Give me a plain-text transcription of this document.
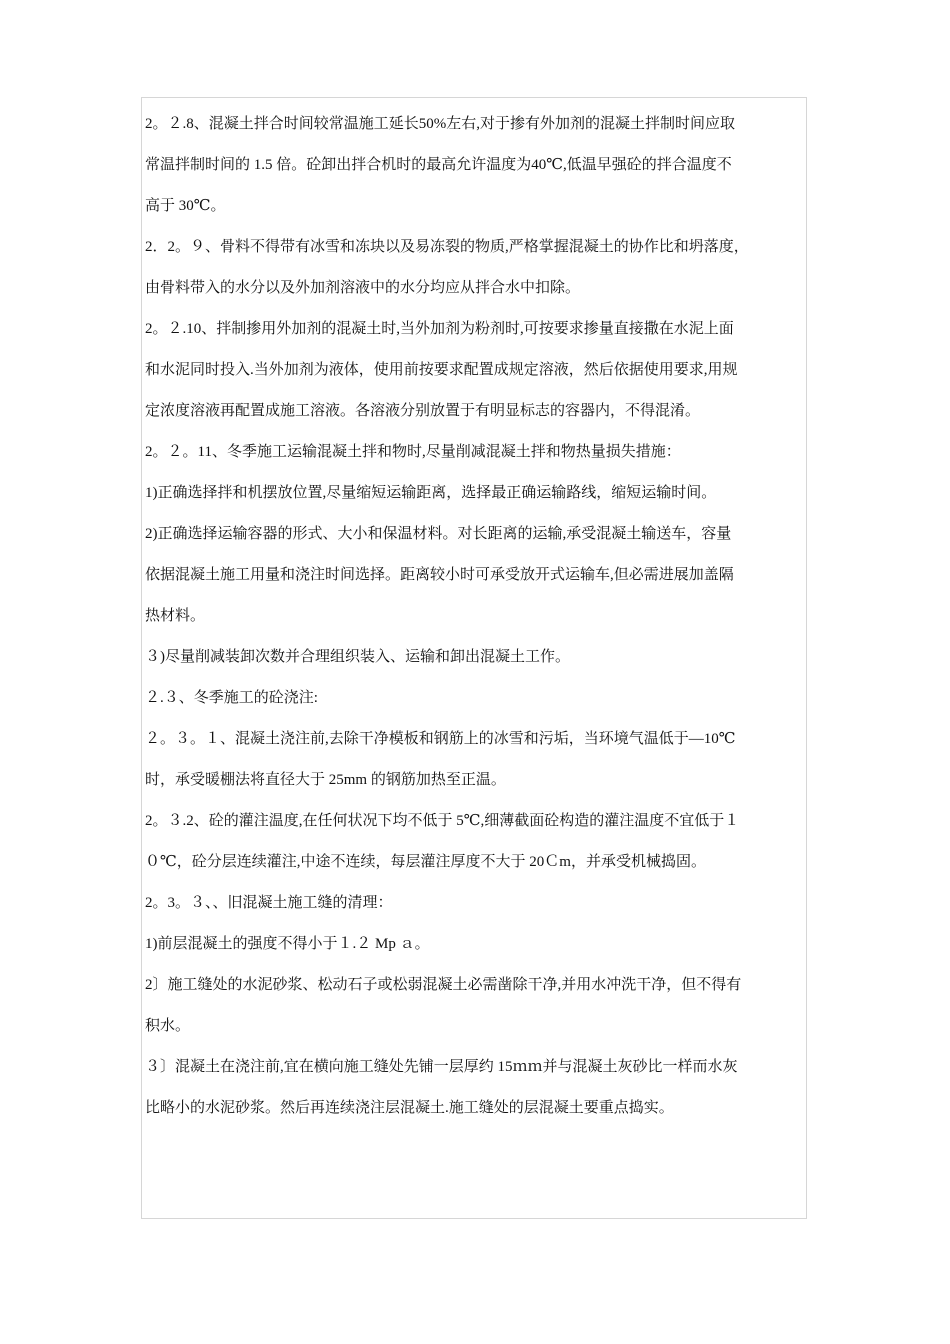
2。２.8、混凝土拌合时间较常温施工延长50%左右,对于掺有外加剂的混凝土拌制时间应取

常温拌制时间的 1.5 倍。砼卸出拌合机时的最高允许温度为40℃,低温早强砼的拌合温度不

高于 30℃。

2．2。９、骨料不得带有冰雪和冻块以及易冻裂的物质,严格掌握混凝土的协作比和坍落度，

由骨料带入的水分以及外加剂溶液中的水分均应从拌合水中扣除。

2。２.10、拌制掺用外加剂的混凝土时,当外加剂为粉剂时,可按要求掺量直接撒在水泥上面

和水泥同时投入.当外加剂为液体，使用前按要求配置成规定溶液，然后依据使用要求,用规

定浓度溶液再配置成施工溶液。各溶液分别放置于有明显标志的容器内，不得混淆。

2。２。11、冬季施工运输混凝土拌和物时,尽量削减混凝土拌和物热量损失措施：

1)正确选择拌和机摆放位置,尽量缩短运输距离，选择最正确运输路线，缩短运输时间。

2)正确选择运输容器的形式、大小和保温材料。对长距离的运输,承受混凝土输送车，容量

依据混凝土施工用量和浇注时间选择。距离较小时可承受放开式运输车,但必需进展加盖隔

热材料。

３)尽量削减装卸次数并合理组织装入、运输和卸出混凝土工作。

２.３、冬季施工的砼浇注:

２。３。１、混凝土浇注前,去除干净模板和钢筋上的冰雪和污垢，当环境气温低于—10℃

时，承受暖棚法将直径大于 25mm 的钢筋加热至正温。

2。３.2、砼的灌注温度,在任何状况下均不低于 5℃,细薄截面砼构造的灌注温度不宜低于１

０℃，砼分层连续灌注,中途不连续，每层灌注厚度不大于 20Ｃm，并承受机械捣固。

2。3。３、、旧混凝土施工缝的清理：

1)前层混凝土的强度不得小于１.２ Mp ａ。

2〕施工缝处的水泥砂浆、松动石子或松弱混凝土必需凿除干净,并用水冲洗干净，但不得有

积水。

３〕混凝土在浇注前,宜在横向施工缝处先铺一层厚约 15ｍｍ并与混凝土灰砂比一样而水灰

比略小的水泥砂浆。然后再连续浇注层混凝土.施工缝处的层混凝土要重点捣实。
